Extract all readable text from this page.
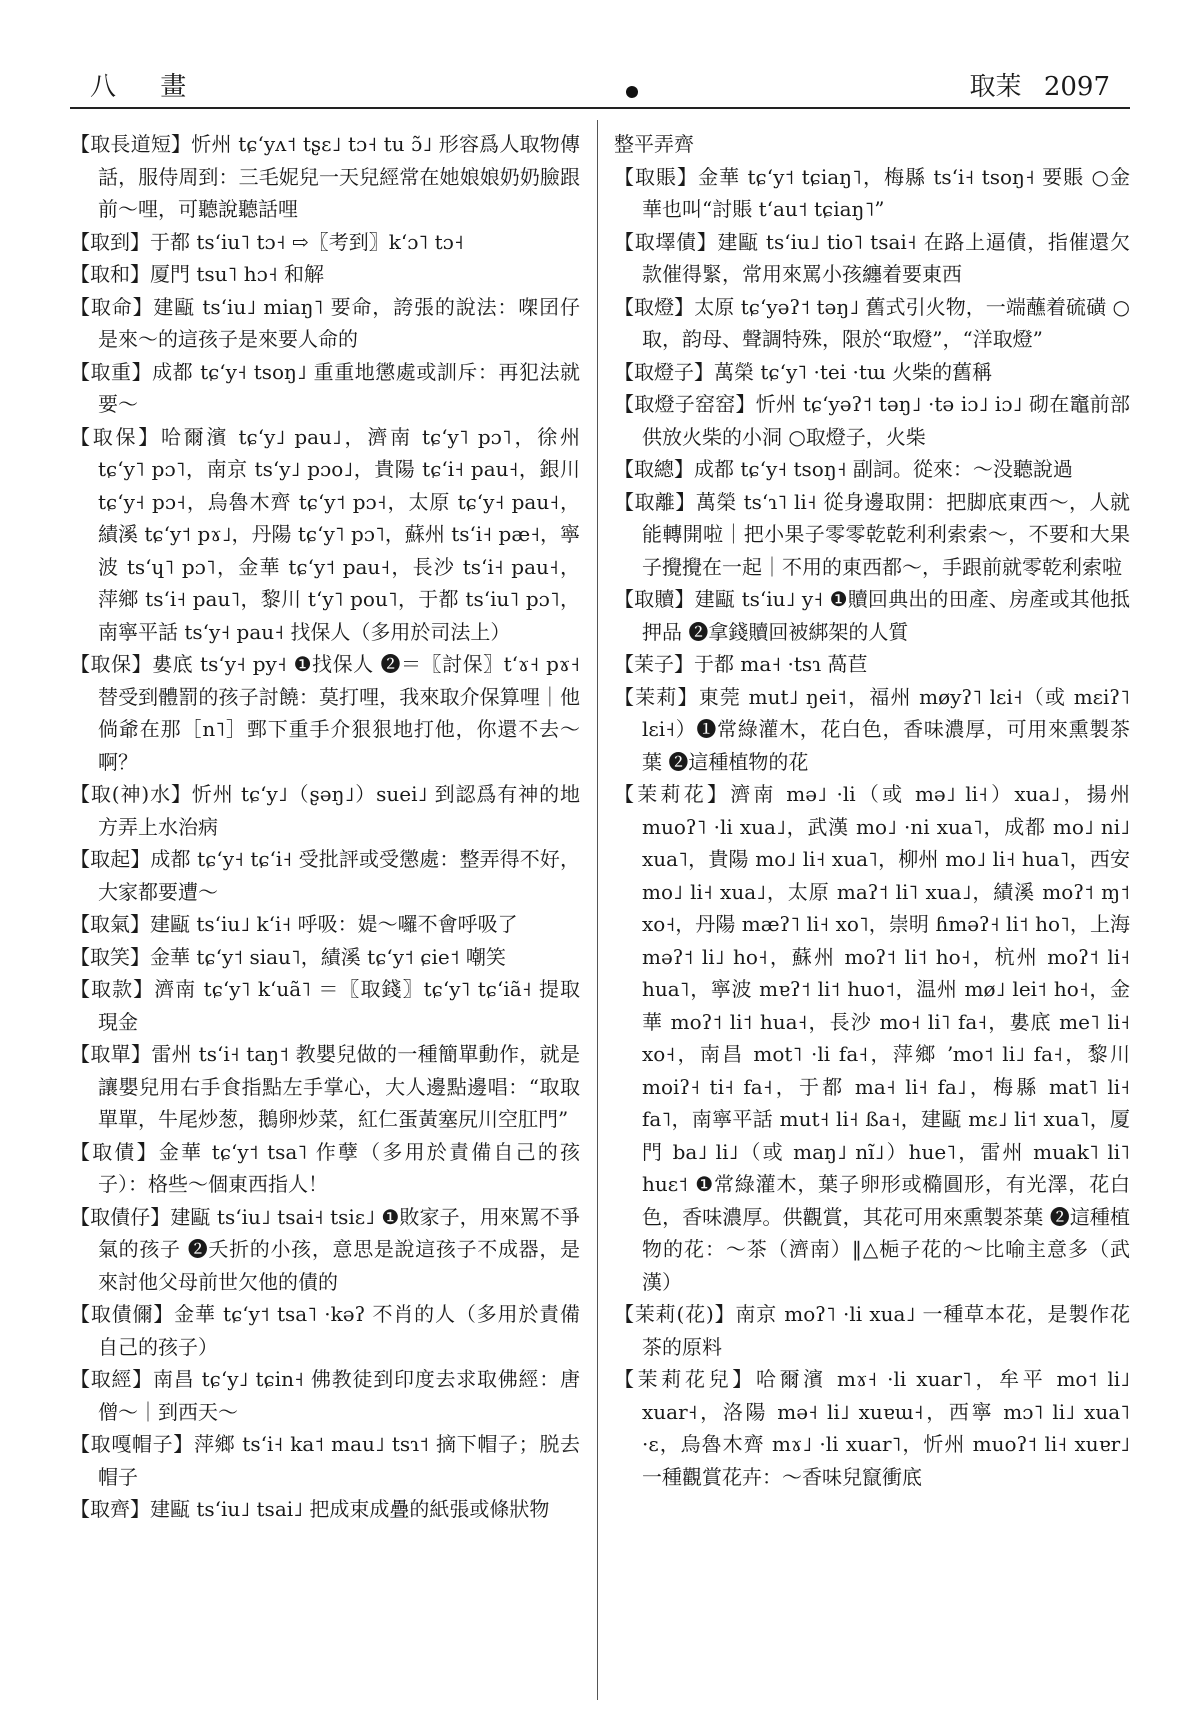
八 畫	取茉 2097

【取長道短】忻州 tɕʻyʌ˦ tʂɛ˩ tɔ˧ tu ɔ̃˩ 形容爲人取物傳話，服侍周到：三毛妮兒一天兒經常在她娘娘奶奶臉跟前～哩，可聽說聽話哩

【取到】于都 tsʻiu˥ tɔ˧ ⇨〖考到〗kʻɔ˥ tɔ˧

【取和】厦門 tsu˥ hɔ˧ 和解

【取命】建甌 tsʻiu˩ miaŋ˥ 要命，誇張的說法：㗎囝仔是來～的這孩子是來要人命的

【取重】成都 tɕʻy˧ tsoŋ˩ 重重地懲處或訓斥：再犯法就要～

【取保】哈爾濱 tɕʻy˩ pau˩，濟南 tɕʻy˥ pɔ˥，徐州 tɕʻy˥ pɔ˥，南京 tsʻy˩ pɔo˩，貴陽 tɕʻi˧ pau˧，銀川 tɕʻy˧ pɔ˧，烏魯木齊 tɕʻy˦ pɔ˧，太原 tɕʻy˧ pau˧，績溪 tɕʻy˦ pɤ˩，丹陽 tɕʻy˥ pɔ˥，蘇州 tsʻi˧ pæ˧，寧波 tsʻɥ˥ pɔ˥，金華 tɕʻy˦ pau˧，長沙 tsʻi˧ pau˧，萍鄉 tsʻi˧ pau˥，黎川 tʻy˥ pou˥，于都 tsʻiu˥ pɔ˥，南寧平話 tsʻy˧ pau˧ 找保人（多用於司法上）

【取保】婁底 tsʻy˧ py˧ ❶找保人 ❷＝〖討保〗tʻɤ˧ pɤ˧ 替受到體罰的孩子討饒：莫打哩，我來取介保算哩｜他倘爺在那［n˥］鄄下重手介狠狠地打他，你還不去～啊？

【取(神)水】忻州 tɕʻy˩（ʂəŋ˩）suei˩ 到認爲有神的地方弄上水治病

【取起】成都 tɕʻy˧ tɕʻi˧ 受批評或受懲處：整弄得不好，大家都要遭～

【取氣】建甌 tsʻiu˩ kʻi˧ 呼吸：媞～囉不會呼吸了

【取笑】金華 tɕʻy˦ siau˥，績溪 tɕʻy˦ ɕie˦ 嘲笑

【取款】濟南 tɕʻy˥ kʻuã˥ ＝〖取錢〗tɕʻy˥ tɕʻiã˧ 提取現金

【取單】雷州 tsʻi˧ taŋ˦ 教嬰兒做的一種簡單動作，就是讓嬰兒用右手食指點左手掌心，大人邊點邊唱：“取取單單，牛尾炒葱，鵝卵炒菜，紅仁蛋黃塞尻川空肛門”

【取債】金華 tɕʻy˦ tsa˥ 作孽（多用於責備自己的孩子）：格些～個東西指人！

【取債仔】建甌 tsʻiu˩ tsai˧ tsiɛ˩ ❶敗家子，用來罵不爭氣的孩子 ❷夭折的小孩，意思是說這孩子不成器，是來討他父母前世欠他的債的

【取債儞】金華 tɕʻy˦ tsa˥ ·kəʔ 不肖的人（多用於責備自己的孩子）

【取經】南昌 tɕʻy˩ tɕin˧ 佛教徒到印度去求取佛經：唐僧～｜到西天～

【取嘎帽子】萍鄉 tsʻi˧ ka˦ mau˩ tsɿ˦ 摘下帽子；脱去帽子

【取齊】建甌 tsʻiu˩ tsai˩ 把成束成疊的紙張或條狀物

整平弄齊

【取賬】金華 tɕʻy˦ tɕiaŋ˥，梅縣 tsʻi˧ tsoŋ˧ 要賬 ○金華也叫“討賬 tʻau˦ tɕiaŋ˥”

【取墿債】建甌 tsʻiu˩ tio˥ tsai˧ 在路上逼債，指催還欠款催得緊，常用來罵小孩纏着要東西

【取燈】太原 tɕʻyəʔ˦ təŋ˩ 舊式引火物，一端蘸着硫磺 ○取，韵母、聲調特殊，限於“取燈”，“洋取燈”

【取燈子】萬榮 tɕʻy˥ ·tei ·tɯ 火柴的舊稱

【取燈子窑窑】忻州 tɕʻyəʔ˦ təŋ˩ ·tə iɔ˩ iɔ˩ 砌在竈前部供放火柴的小洞 ○取燈子，火柴

【取總】成都 tɕʻy˧ tsoŋ˧ 副詞。從來：～没聽說過

【取離】萬榮 tsʻɿ˥ li˧ 從身邊取開：把脚底東西～，人就能轉開啦｜把小果子零零乾乾利利索索～，不要和大果子攪攪在一起｜不用的東西都～，手跟前就零乾利索啦

【取贖】建甌 tsʻiu˩ y˧ ❶贖回典出的田產、房產或其他抵押品 ❷拿錢贖回被綁架的人質

【茉子】于都 ma˧ ·tsɿ 萵苣

【茉莉】東莞 mut˩ ŋei˦，福州 møyʔ˥ lɛi˧（或 mɛiʔ˥ lɛi˧）❶常綠灌木，花白色，香味濃厚，可用來熏製茶葉 ❷這種植物的花

【茉莉花】濟南 mə˩ ·li（或 mə˩ li˧）xua˩，揚州 muoʔ˥ ·li xua˩，武漢 mo˩ ·ni xua˥，成都 mo˩ ni˩ xua˥，貴陽 mo˩ li˧ xua˥，柳州 mo˩ li˧ hua˥，西安 mo˩ li˧ xua˩，太原 maʔ˦ li˥ xua˩，績溪 moʔ˦ ɱ˦ xo˧，丹陽 mæʔ˥ li˧ xo˥，崇明 ɦməʔ˧ li˦ ho˥，上海 məʔ˦ li˩ ho˧，蘇州 moʔ˦ li˦ ho˧，杭州 moʔ˦ li˧ hua˥，寧波 mɐʔ˦ li˦ huo˦，温州 mø˩ lei˦ ho˧，金華 moʔ˦ li˦ hua˧，長沙 mo˧ li˥ fa˧，婁底 me˥ li˧ xo˧，南昌 mot˥ ·li fa˧，萍鄉 ʼmo˦ li˩ fa˧，黎川 moiʔ˧ ti˧ fa˧，于都 ma˧ li˧ fa˩，梅縣 mat˥ li˧ fa˥，南寧平話 mut˧ li˧ ßa˧，建甌 mɛ˩ li˦ xua˥，厦門 ba˩ li˩（或 maŋ˩ nĩ˩）hue˥，雷州 muak˥ li˥ huɛ˦ ❶常綠灌木，葉子卵形或橢圓形，有光澤，花白色，香味濃厚。供觀賞，其花可用來熏製茶葉 ❷這種植物的花：～茶（濟南）‖△梔子花的～比喻主意多（武漢）

【茉莉(花)】南京 moʔ˥ ·li xua˩ 一種草本花，是製作花茶的原料

【茉莉花兒】哈爾濱 mɤ˧ ·li xuar˥，牟平 mo˦ li˩ xuar˧，洛陽 mə˧ li˩ xuɐɯ˧，西寧 mɔ˥ li˩ xua˥ ·ɛ，烏魯木齊 mɤ˩ ·li xuar˥，忻州 muoʔ˦ li˧ xuɐr˩ 一種觀賞花卉：～香味兒竄衝底
